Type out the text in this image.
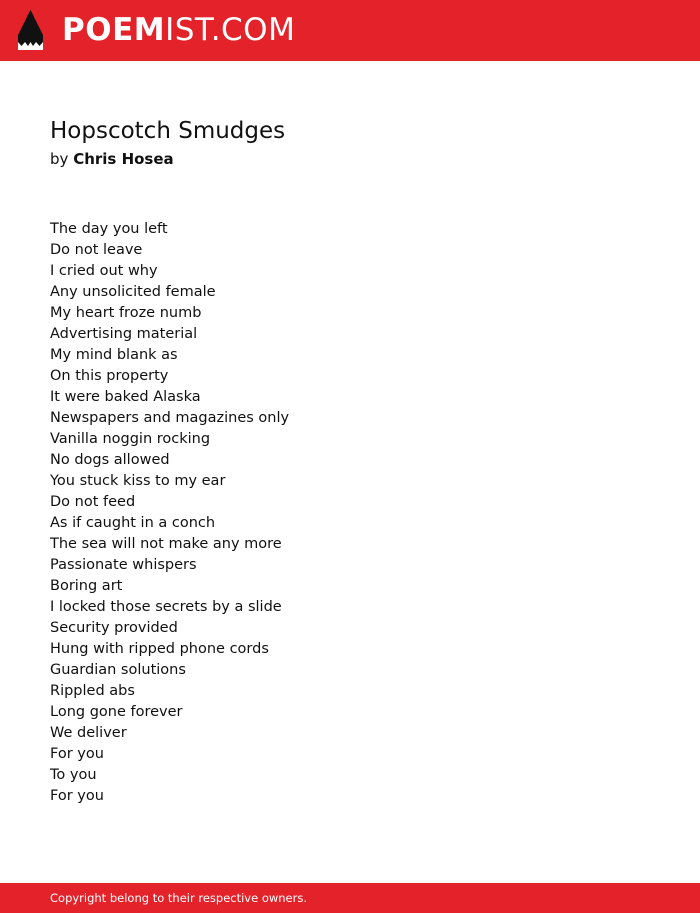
POEMIST.COM
Hopscotch Smudges
by Chris Hosea
The day you left
Do not leave
I cried out why
Any unsolicited female
My heart froze numb
Advertising material
My mind blank as
On this property
It were baked Alaska
Newspapers and magazines only
Vanilla noggin rocking
No dogs allowed
You stuck kiss to my ear
Do not feed
As if caught in a conch
The sea will not make any more
Passionate whispers
Boring art
I locked those secrets by a slide
Security provided
Hung with ripped phone cords
Guardian solutions
Rippled abs
Long gone forever
We deliver
For you
To you
For you
Copyright belong to their respective owners.
